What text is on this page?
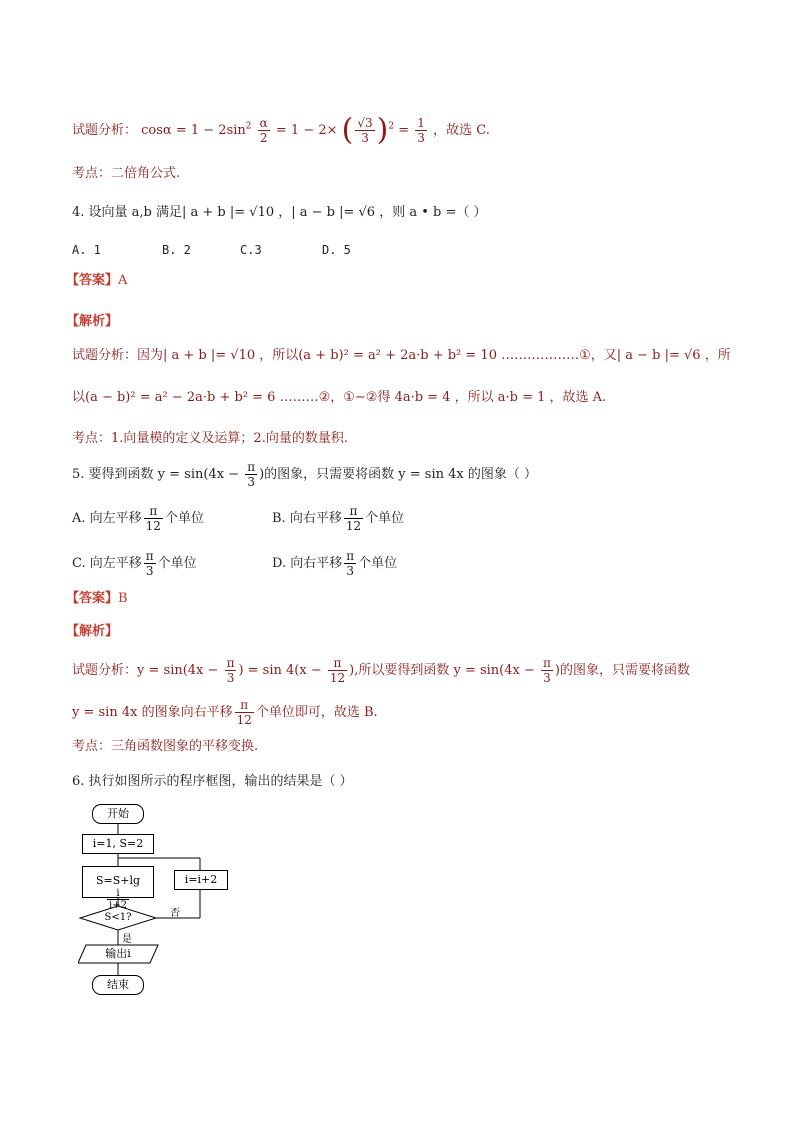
试题分析： $\cos\alpha = 1 - 2\sin^2 \frac{\alpha}{2} = 1 - 2\times$ ( $\frac{√3}{3} )^2 = \frac{1}{3}$ ，故选 C.
考点：二倍角公式.
4. 设向量 a,b 满足| a + b |= √10 ，| a − b |= √6 ，则 a • b =（ ）
A. 1	B. 2	C.3	D. 5
【答案】A
【解析】
试题分析：因为| a + b |= √10 ，所以(a + b)² = a² + 2a·b + b² = 10 ………………①，又| a − b |= √6 ，所
以(a − b)² = a² − 2a·b + b² = 6 ………②，①−②得 4a·b = 4 ，所以 a·b = 1 ，故选 A.
考点：1.向量模的定义及运算；2.向量的数量积.
5. 要得到函数 $y = \sin(4x - \frac{\pi}{3}$ )的图象，只需要将函数 y = sin 4x 的图象（ ）
A. 向左平移 $\frac{\pi}{12}$ 个单位	B. 向右平移 $\frac{\pi}{12}$ 个单位
C. 向左平移 $\frac{\pi}{3}$ 个单位	D. 向右平移 $\frac{\pi}{3}$ 个单位
【答案】B
【解析】
试题分析：$y = \sin(4x - \frac{\pi}{3}$ ) = $\sin 4(x - \frac{\pi}{12}$ ),所以要得到函数 $y = \sin(4x - \frac{\pi}{3}$ )的图象，只需要将函数
y = sin 4x 的图象向右平移 $\frac{\pi}{12}$ 个单位即可，故选 B.
考点：三角函数图象的平移变换.
6. 执行如图所示的程序框图，输出的结果是（ ）
开始
i=1, S=2
S=S+lg
$\frac{i}{i+2}$
i=i+2
S<1?	否
是
输出i
结束
